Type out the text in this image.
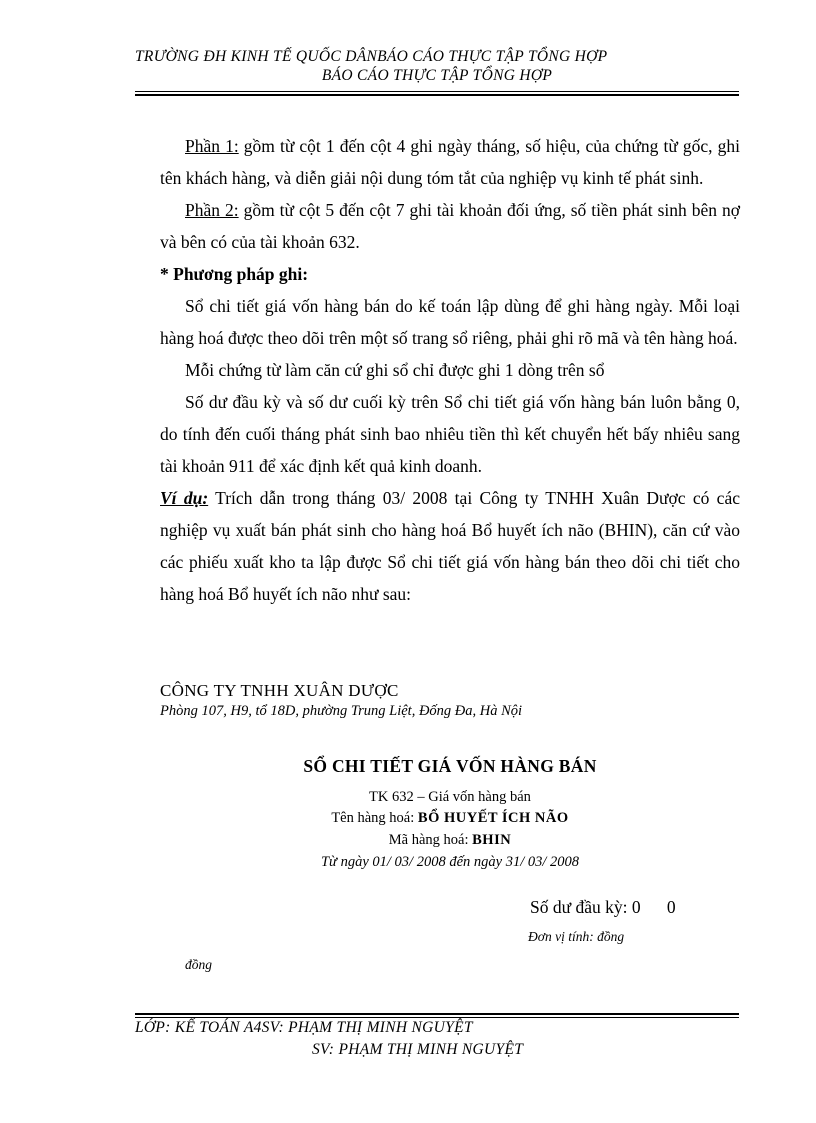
TRƯỜNG ĐH KINH TẾ QUỐC DÂNBÁO CÁO THỰC TẬP TỔNG HỢP
BÁO CÁO THỰC TẬP TỔNG HỢP

Phần 1: gồm từ cột 1 đến cột 4 ghi ngày tháng, số hiệu, của chứng từ gốc, ghi tên khách hàng, và diễn giải nội dung tóm tắt của nghiệp vụ kinh tế phát sinh.

Phần 2: gồm từ cột 5 đến cột 7 ghi tài khoản đối ứng, số tiền phát sinh bên nợ và bên có của tài khoản 632.

* Phương pháp ghi:

Sổ chi tiết giá vốn hàng bán do kế toán lập dùng để ghi hàng ngày. Mỗi loại hàng hoá được theo dõi trên một số trang sổ riêng, phải ghi rõ mã và tên hàng hoá.

Mỗi chứng từ làm căn cứ ghi sổ chỉ được ghi 1 dòng trên sổ

Số dư đầu kỳ và số dư cuối kỳ trên Sổ chi tiết giá vốn hàng bán luôn bằng 0, do tính đến cuối tháng phát sinh bao nhiêu tiền thì kết chuyển hết bấy nhiêu sang tài khoản 911 để xác định kết quả kinh doanh.

Ví dụ: Trích dẫn trong tháng 03/ 2008 tại Công ty TNHH Xuân Dược có các nghiệp vụ xuất bán phát sinh cho hàng hoá Bổ huyết ích não (BHIN), căn cứ vào các phiếu xuất kho ta lập được Sổ chi tiết giá vốn hàng bán theo dõi chi tiết cho hàng hoá Bổ huyết ích não như sau:

CÔNG TY TNHH XUÂN DƯỢC
Phòng 107, H9, tổ 18D, phường Trung Liệt, Đống Đa, Hà Nội
SỔ CHI TIẾT GIÁ VỐN HÀNG BÁN
TK 632 – Giá vốn hàng bán
Tên hàng hoá: BỔ HUYẾT ÍCH NÃO
Mã hàng hoá: BHIN
Từ ngày 01/ 03/ 2008 đến ngày 31/ 03/ 2008
Số dư đầu kỳ: 0      0
Đơn vị tính: đồng
đồng
LỚP: KẾ TOÁN A4SV: PHẠM THỊ MINH NGUYỆT
SV: PHẠM THỊ MINH NGUYỆT
